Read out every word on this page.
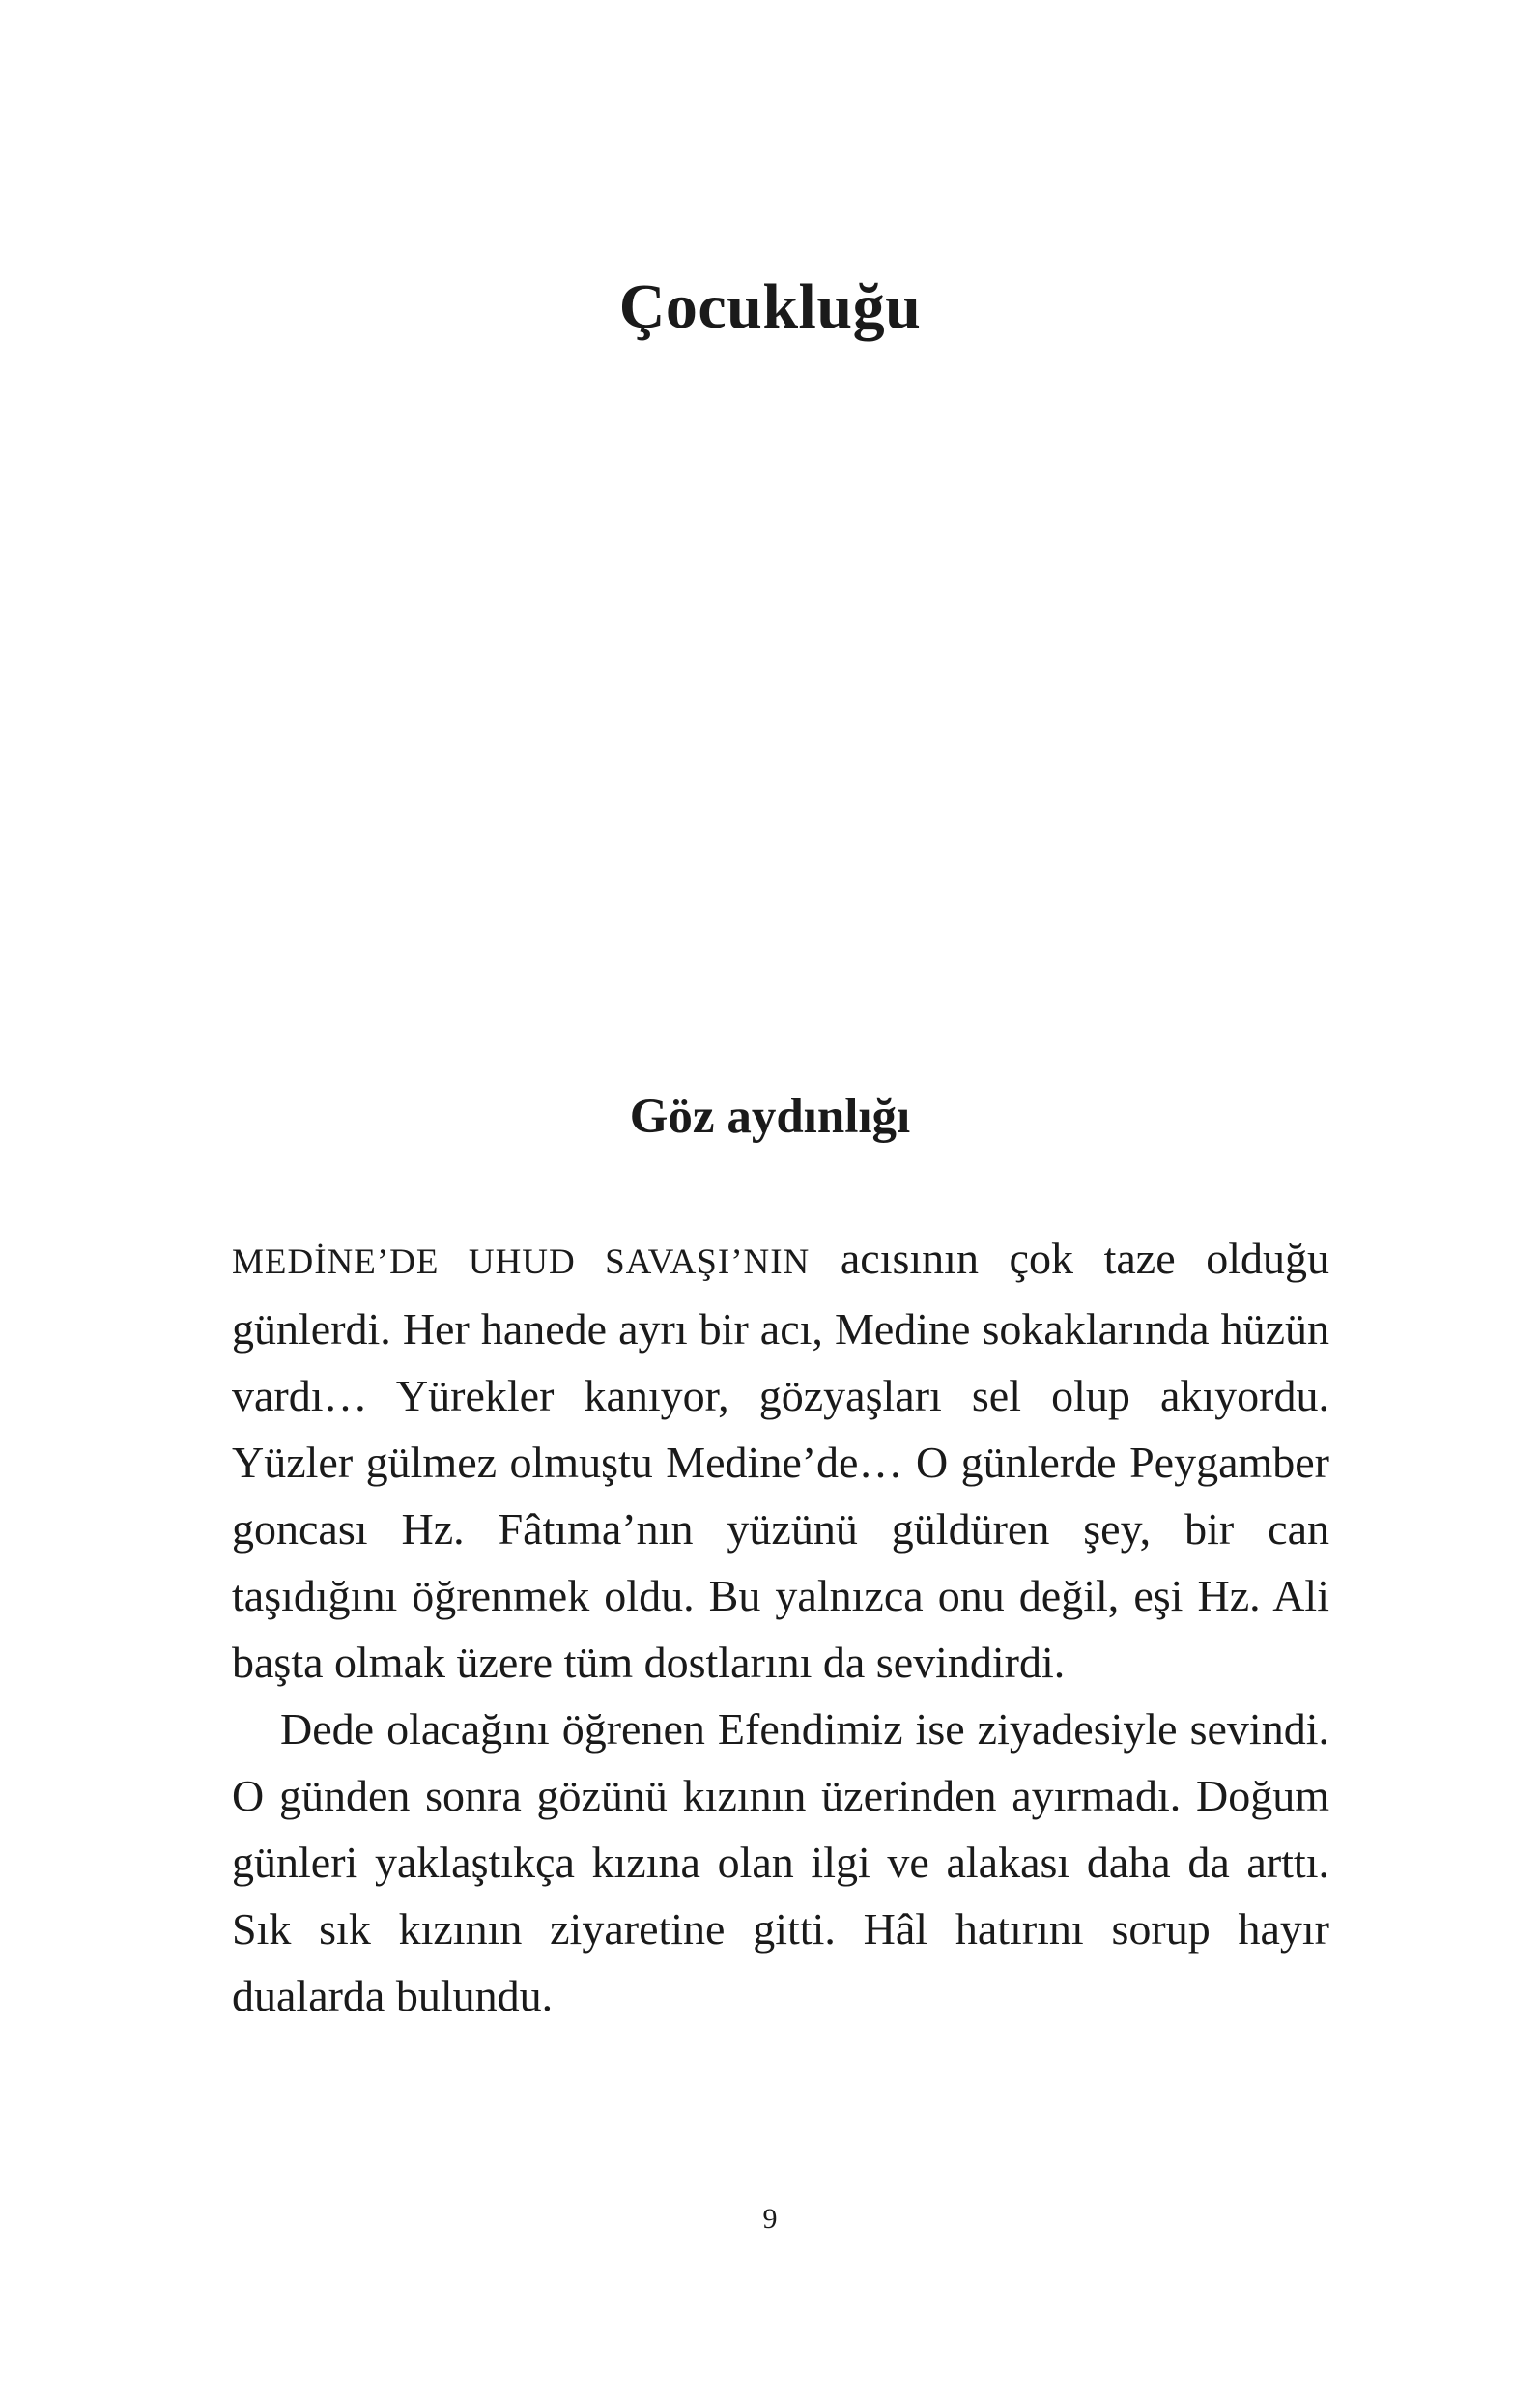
Çocukluğu
Göz aydınlığı

MEDİNE’DE UHUD SAVAŞI’NIN acısının çok taze olduğu günlerdi. Her hanede ayrı bir acı, Medine sokaklarında hüzün vardı… Yürekler kanıyor, gözyaşları sel olup akıyordu. Yüzler gülmez olmuştu Medine’de… O günlerde Peygamber goncası Hz. Fâtıma’nın yüzünü güldüren şey, bir can taşıdığını öğrenmek oldu. Bu yalnızca onu değil, eşi Hz. Ali başta olmak üzere tüm dostlarını da sevindirdi.

Dede olacağını öğrenen Efendimiz ise ziyadesiyle sevindi. O günden sonra gözünü kızının üzerinden ayırmadı. Doğum günleri yaklaştıkça kızına olan ilgi ve alakası daha da arttı. Sık sık kızının ziyaretine gitti. Hâl hatırını sorup hayır dualarda bulundu.

9
